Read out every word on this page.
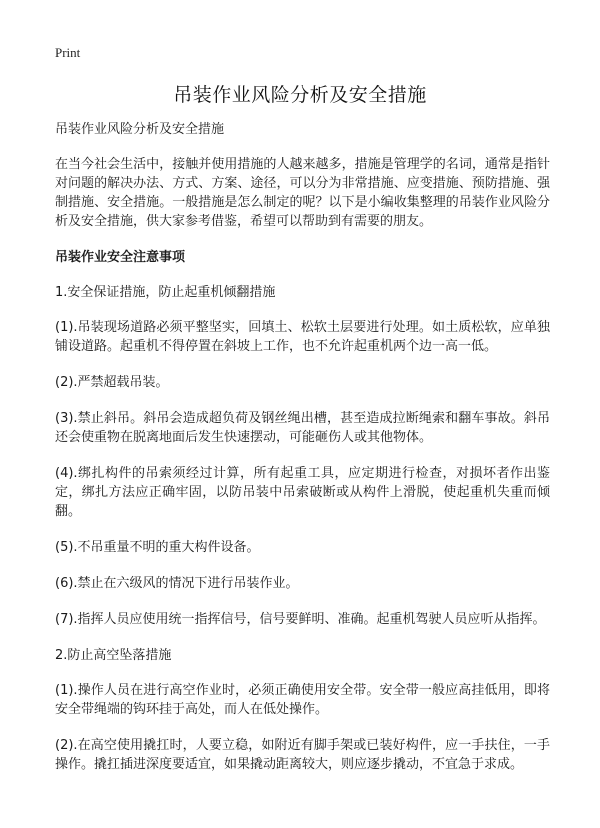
Print
吊装作业风险分析及安全措施

吊装作业风险分析及安全措施

在当今社会生活中，接触并使用措施的人越来越多，措施是管理学的名词，通常是指针对问题的解决办法、方式、方案、途径，可以分为非常措施、应变措施、预防措施、强制措施、安全措施。一般措施是怎么制定的呢？以下是小编收集整理的吊装作业风险分析及安全措施，供大家参考借鉴，希望可以帮助到有需要的朋友。

吊装作业安全注意事项

1.安全保证措施，防止起重机倾翻措施

(1).吊装现场道路必须平整坚实，回填土、松软土层要进行处理。如土质松软，应单独铺设道路。起重机不得停置在斜坡上工作，也不允许起重机两个边一高一低。

(2).严禁超载吊装。

(3).禁止斜吊。斜吊会造成超负荷及钢丝绳出槽，甚至造成拉断绳索和翻车事故。斜吊还会使重物在脱离地面后发生快速摆动，可能砸伤人或其他物体。

(4).绑扎构件的吊索须经过计算，所有起重工具，应定期进行检查，对损坏者作出鉴定，绑扎方法应正确牢固，以防吊装中吊索破断或从构件上滑脱，使起重机失重而倾翻。

(5).不吊重量不明的重大构件设备。

(6).禁止在六级风的情况下进行吊装作业。

(7).指挥人员应使用统一指挥信号，信号要鲜明、准确。起重机驾驶人员应听从指挥。

2.防止高空坠落措施

(1).操作人员在进行高空作业时，必须正确使用安全带。安全带一般应高挂低用，即将安全带绳端的钩环挂于高处，而人在低处操作。

(2).在高空使用撬扛时，人要立稳，如附近有脚手架或已装好构件，应一手扶住，一手操作。撬扛插进深度要适宜，如果撬动距离较大，则应逐步撬动，不宜急于求成。
